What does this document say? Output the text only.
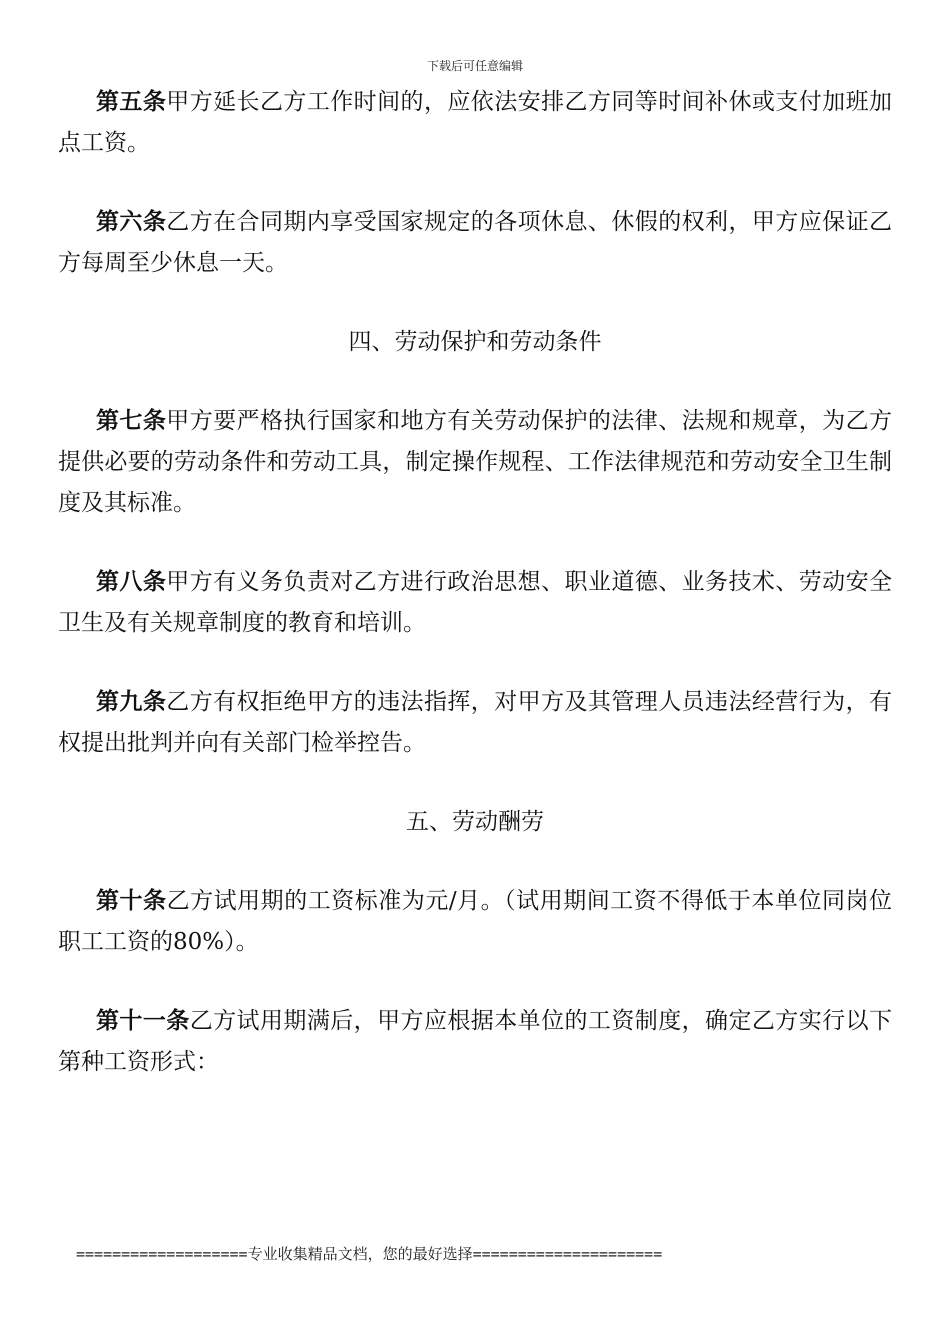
下载后可任意编辑

第五条甲方延长乙方工作时间的，应依法安排乙方同等时间补休或支付加班加点工资。

第六条乙方在合同期内享受国家规定的各项休息、休假的权利，甲方应保证乙方每周至少休息一天。

四、劳动保护和劳动条件

第七条甲方要严格执行国家和地方有关劳动保护的法律、法规和规章，为乙方提供必要的劳动条件和劳动工具，制定操作规程、工作法律规范和劳动安全卫生制度及其标准。

第八条甲方有义务负责对乙方进行政治思想、职业道德、业务技术、劳动安全卫生及有关规章制度的教育和培训。

第九条乙方有权拒绝甲方的违法指挥，对甲方及其管理人员违法经营行为，有权提出批判并向有关部门检举控告。

五、劳动酬劳

第十条乙方试用期的工资标准为元/月。（试用期间工资不得低于本单位同岗位职工工资的80%）。

第十一条乙方试用期满后，甲方应根据本单位的工资制度，确定乙方实行以下第种工资形式：

===================专业收集精品文档，您的最好选择=====================
